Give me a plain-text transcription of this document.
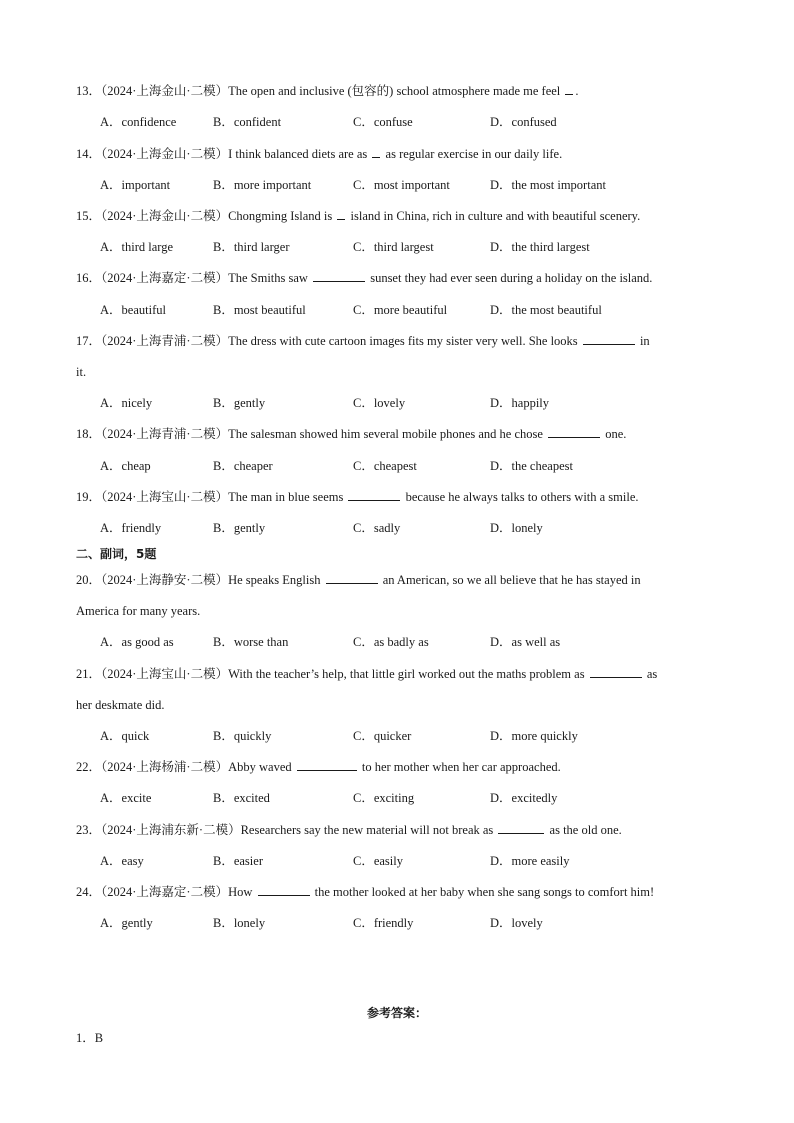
13．（2024·上海金山·二模）The open and inclusive (包容的) school atmosphere made me feel .
A．confidence	B．confident	C．confuse	D．confused
14．（2024·上海金山·二模）I think balanced diets are as  as regular exercise in our daily life.
A．important	B．more important	C．most important	D．the most important
15．（2024·上海金山·二模）Chongming Island is  island in China, rich in culture and with beautiful scenery.
A．third large	B．third larger	C．third largest	D．the third largest
16．（2024·上海嘉定·二模）The Smiths saw	sunset they had ever seen during a holiday on the island.
A．beautiful	B．most beautiful	C．more beautiful	D．the most beautiful
17．（2024·上海青浦·二模）The dress with cute cartoon images fits my sister very well. She looks	in
it.
A．nicely	B．gently	C．lovely	D．happily
18．（2024·上海青浦·二模）The salesman showed him several mobile phones and he chose	one.
A．cheap	B．cheaper	C．cheapest	D．the cheapest
19．（2024·上海宝山·二模）The man in blue seems	because he always talks to others with a smile.
A．friendly	B．gently	C．sadly	D．lonely
二、副词，5题
20．（2024·上海静安·二模）He speaks English	an American, so we all believe that he has stayed in
America for many years.
A．as good as	B．worse than	C．as badly as	D．as well as
21．（2024·上海宝山·二模）With the teacher’s help, that little girl worked out the maths problem as	as
her deskmate did.
A．quick	B．quickly	C．quicker	D．more quickly
22．（2024·上海杨浦·二模）Abby waved	to her mother when her car approached.
A．excite	B．excited	C．exciting	D．excitedly
23．（2024·上海浦东新·二模）Researchers say the new material will not break as	as the old one.
A．easy	B．easier	C．easily	D．more easily
24．（2024·上海嘉定·二模）How	the mother looked at her baby when she sang songs to comfort him!
A．gently	B．lonely	C．friendly	D．lovely
参考答案：
1．B
